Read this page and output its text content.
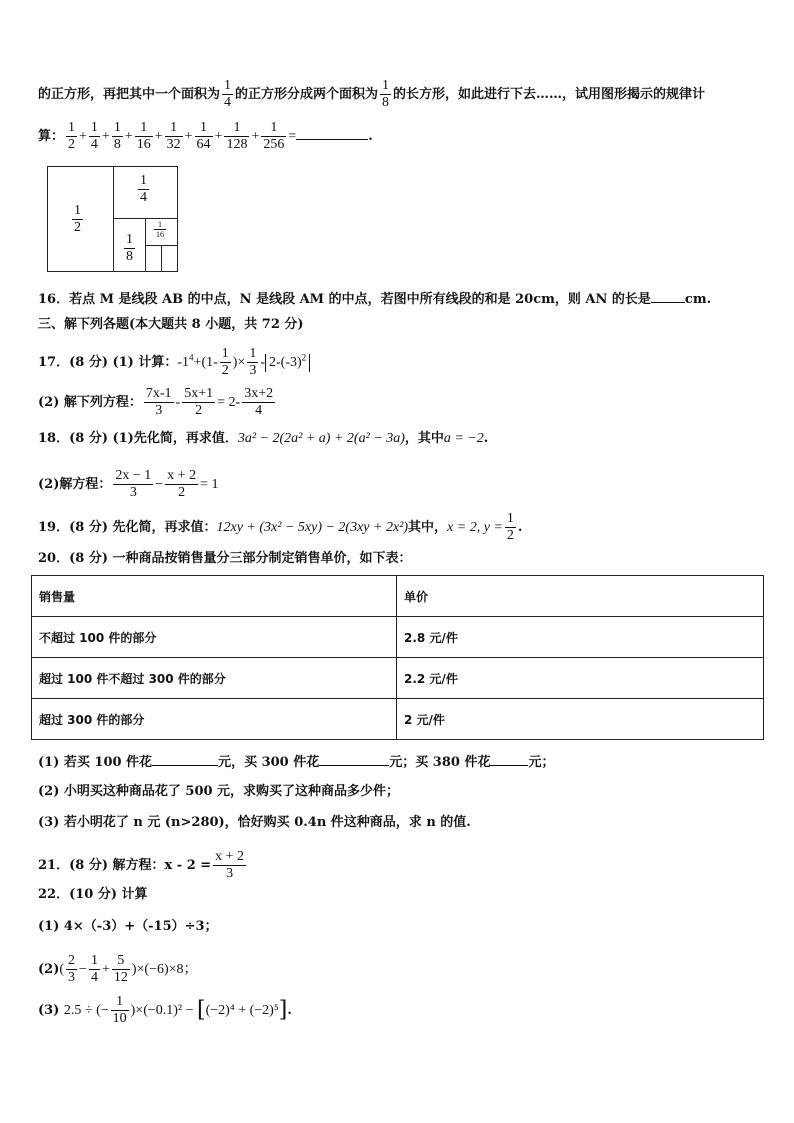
的正方形，再把其中一个面积为 $\frac{1}{4}$ 的正方形分成两个面积为 $\frac{1}{8}$ 的长方形，如此进行下去……，试用图形揭示的规律计
算： $\frac{1}{2} + \frac{1}{4} + \frac{1}{8} + \frac{1}{16} + \frac{1}{32} + \frac{1}{64} + \frac{1}{128} + \frac{1}{256}$ =	.
$\frac{1}{2}$
$\frac{1}{4}$
$\frac{1}{8}$
$\frac{1}{16}$
16．若点 M 是线段 AB 的中点，N 是线段 AM 的中点，若图中所有线段的和是 20cm，则 AN 的长是	cm.
三、解下列各题(本大题共 8 小题，共 72 分)
17．(8 分) (1) 计算：$-1^4+(1- \frac{1}{2}$ )× $\frac{1}{3} - 2-(-3)^2$
(2) 解下列方程： $\frac{7x-1}{3} - \frac{5x+1}{2} = 2- \frac{3x+2}{4}$
18．(8 分) (1)先化简，再求值．3a² − 2(2a² + a) + 2(a² − 3a)，其中a = −2.
(2)解方程： $\frac{2x - 1}{3} - \frac{x + 2}{2} = 1$
19．(8 分) 先化简，再求值：12xy + (3x² − 5xy) − 2(3xy + 2x²)其中，x = 2, $y = \frac{1}{2}$ .
20．(8 分) 一种商品按销售量分三部分制定销售单价，如下表：
销售量	单价
不超过 100 件的部分	2.8 元/件
超过 100 件不超过 300 件的部分	2.2 元/件
超过 300 件的部分	2 元/件
(1) 若买 100 件花	元，买 300 件花	元；买 380 件花	元；
(2) 小明买这种商品花了 500 元，求购买了这种商品多少件；
(3) 若小明花了 n 元 (n>280)，恰好购买 0.4n 件这种商品，求 n 的值.
21．(8 分) 解方程：$x - 2 = \frac{x + 2}{3}$
22．(10 分) 计算
(1) 4×（-3）+（-15）÷3；
$(2)( \frac{2}{3} - \frac{1}{4} + \frac{5}{12} )\times(-6)\times 8$；
(3) 2.5 ÷ (− $\frac{1}{10} )\times(-0.1)^2 - [(-2)^4 + (-2)^5]$.
